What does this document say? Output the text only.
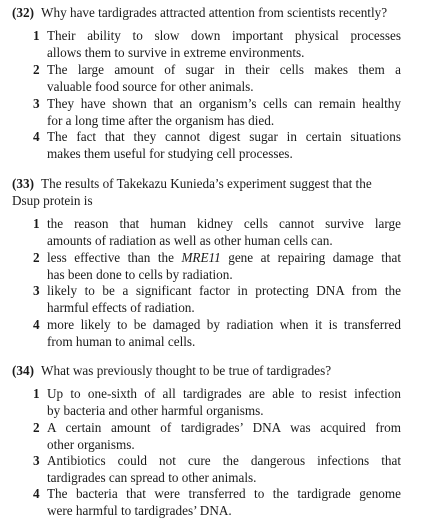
(32) Why have tardigrades attracted attention from scientists recently?
1 Their ability to slow down important physical processes
allows them to survive in extreme environments.
2 The large amount of sugar in their cells makes them a
valuable food source for other animals.
3 They have shown that an organism’s cells can remain healthy
for a long time after the organism has died.
4 The fact that they cannot digest sugar in certain situations
makes them useful for studying cell processes.
(33) The results of Takekazu Kunieda’s experiment suggest that the
Dsup protein is
1 the reason that human kidney cells cannot survive large
amounts of radiation as well as other human cells can.
2 less effective than the MRE11 gene at repairing damage that
has been done to cells by radiation.
3 likely to be a significant factor in protecting DNA from the
harmful effects of radiation.
4 more likely to be damaged by radiation when it is transferred
from human to animal cells.
(34) What was previously thought to be true of tardigrades?
1 Up to one-sixth of all tardigrades are able to resist infection
by bacteria and other harmful organisms.
2 A certain amount of tardigrades’ DNA was acquired from
other organisms.
3 Antibiotics could not cure the dangerous infections that
tardigrades can spread to other animals.
4 The bacteria that were transferred to the tardigrade genome
were harmful to tardigrades’ DNA.
